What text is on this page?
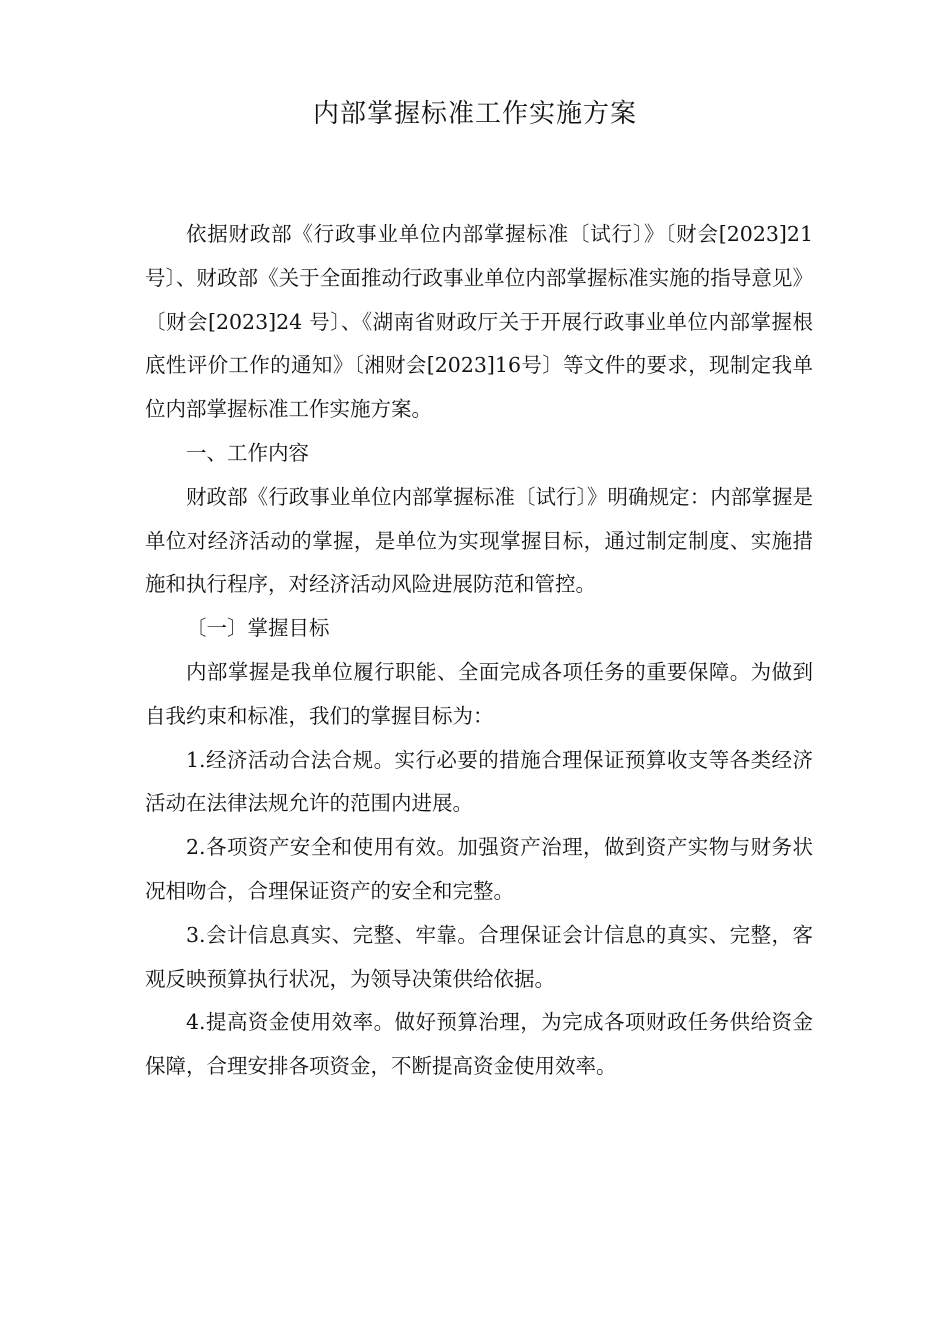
内部掌握标准工作实施方案

依据财政部《行政事业单位内部掌握标准〔试行〕》〔财会[2023]21 号〕、财政部《关于全面推动行政事业单位内部掌握标准实施的指导意见》〔财会[2023]24 号〕、《湖南省财政厅关于开展行政事业单位内部掌握根底性评价工作的通知》〔湘财会[2023]16号〕等文件的要求，现制定我单位内部掌握标准工作实施方案。

一、工作内容

财政部《行政事业单位内部掌握标准〔试行〕》明确规定：内部掌握是单位对经济活动的掌握，是单位为实现掌握目标，通过制定制度、实施措施和执行程序，对经济活动风险进展防范和管控。

〔一〕掌握目标

内部掌握是我单位履行职能、全面完成各项任务的重要保障。为做到自我约束和标准，我们的掌握目标为：

1.经济活动合法合规。实行必要的措施合理保证预算收支等各类经济活动在法律法规允许的范围内进展。

2.各项资产安全和使用有效。加强资产治理，做到资产实物与财务状况相吻合，合理保证资产的安全和完整。

3.会计信息真实、完整、牢靠。合理保证会计信息的真实、完整，客观反映预算执行状况，为领导决策供给依据。

4.提高资金使用效率。做好预算治理，为完成各项财政任务供给资金保障，合理安排各项资金，不断提高资金使用效率。
